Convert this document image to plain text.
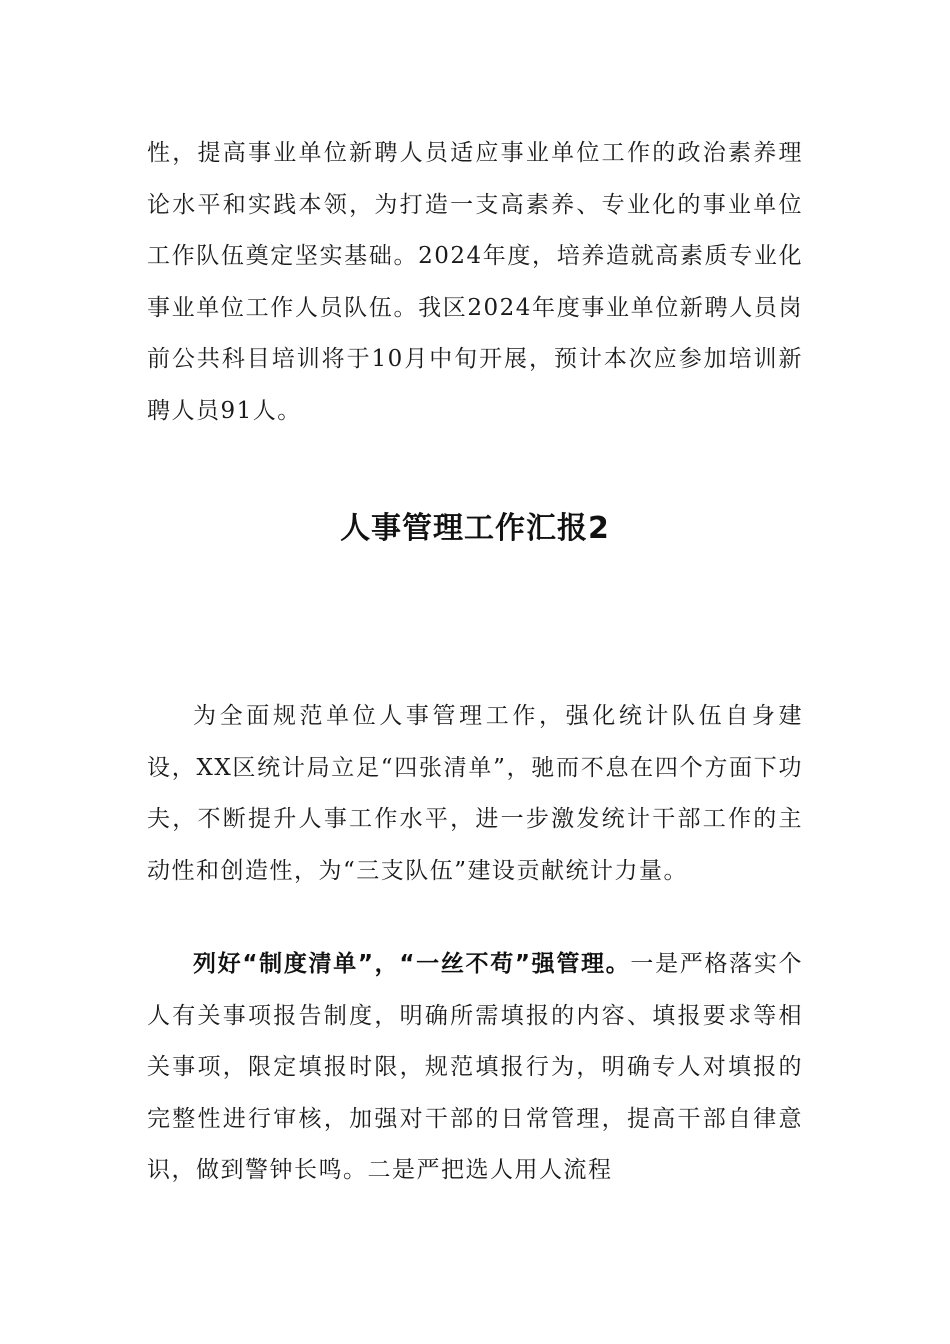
性，提高事业单位新聘人员适应事业单位工作的政治素养理论水平和实践本领，为打造一支高素养、专业化的事业单位工作队伍奠定坚实基础。2024年度，培养造就高素质专业化事业单位工作人员队伍。我区2024年度事业单位新聘人员岗前公共科目培训将于10月中旬开展，预计本次应参加培训新聘人员91人。

人事管理工作汇报2

为全面规范单位人事管理工作，强化统计队伍自身建设，XX区统计局立足“四张清单”，驰而不息在四个方面下功夫，不断提升人事工作水平，进一步激发统计干部工作的主动性和创造性，为“三支队伍”建设贡献统计力量。

列好“制度清单”，“一丝不苟”强管理。一是严格落实个人有关事项报告制度，明确所需填报的内容、填报要求等相关事项，限定填报时限，规范填报行为，明确专人对填报的完整性进行审核，加强对干部的日常管理，提高干部自律意识，做到警钟长鸣。二是严把选人用人流程
